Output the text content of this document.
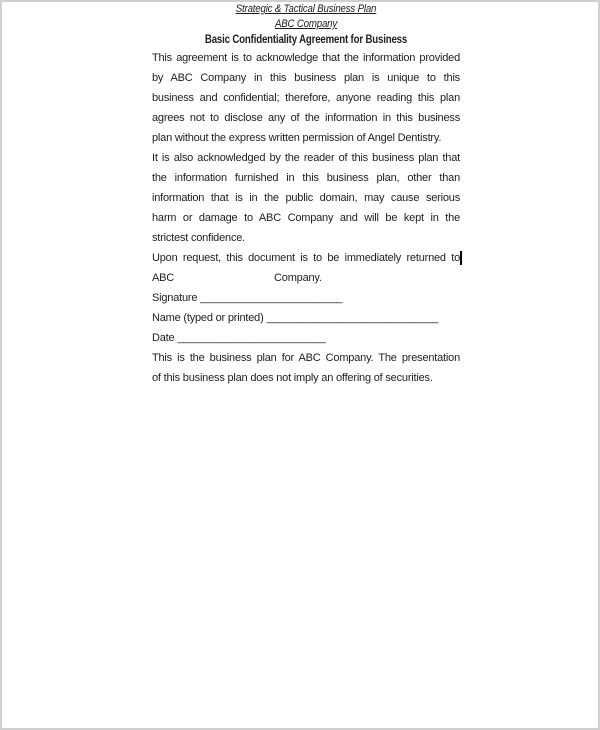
Strategic & Tactical Business Plan
ABC Company
Basic Confidentiality Agreement for Business
This agreement is to acknowledge that the information provided
by ABC Company in this business plan is unique to this
business and confidential; therefore, anyone reading this plan
agrees not to disclose any of the information in this business
plan without the express written permission of Angel Dentistry.
It is also acknowledged by the reader of this business plan that
the information furnished in this business plan, other than
information that is in the public domain, may cause serious
harm or damage to ABC Company and will be kept in the
strictest confidence.
Upon request, this document is to be immediately returned to
ABC	Company.
Signature ________________________
Name (typed or printed) _____________________________
Date _________________________
This is the business plan for ABC Company. The presentation
of this business plan does not imply an offering of securities.
